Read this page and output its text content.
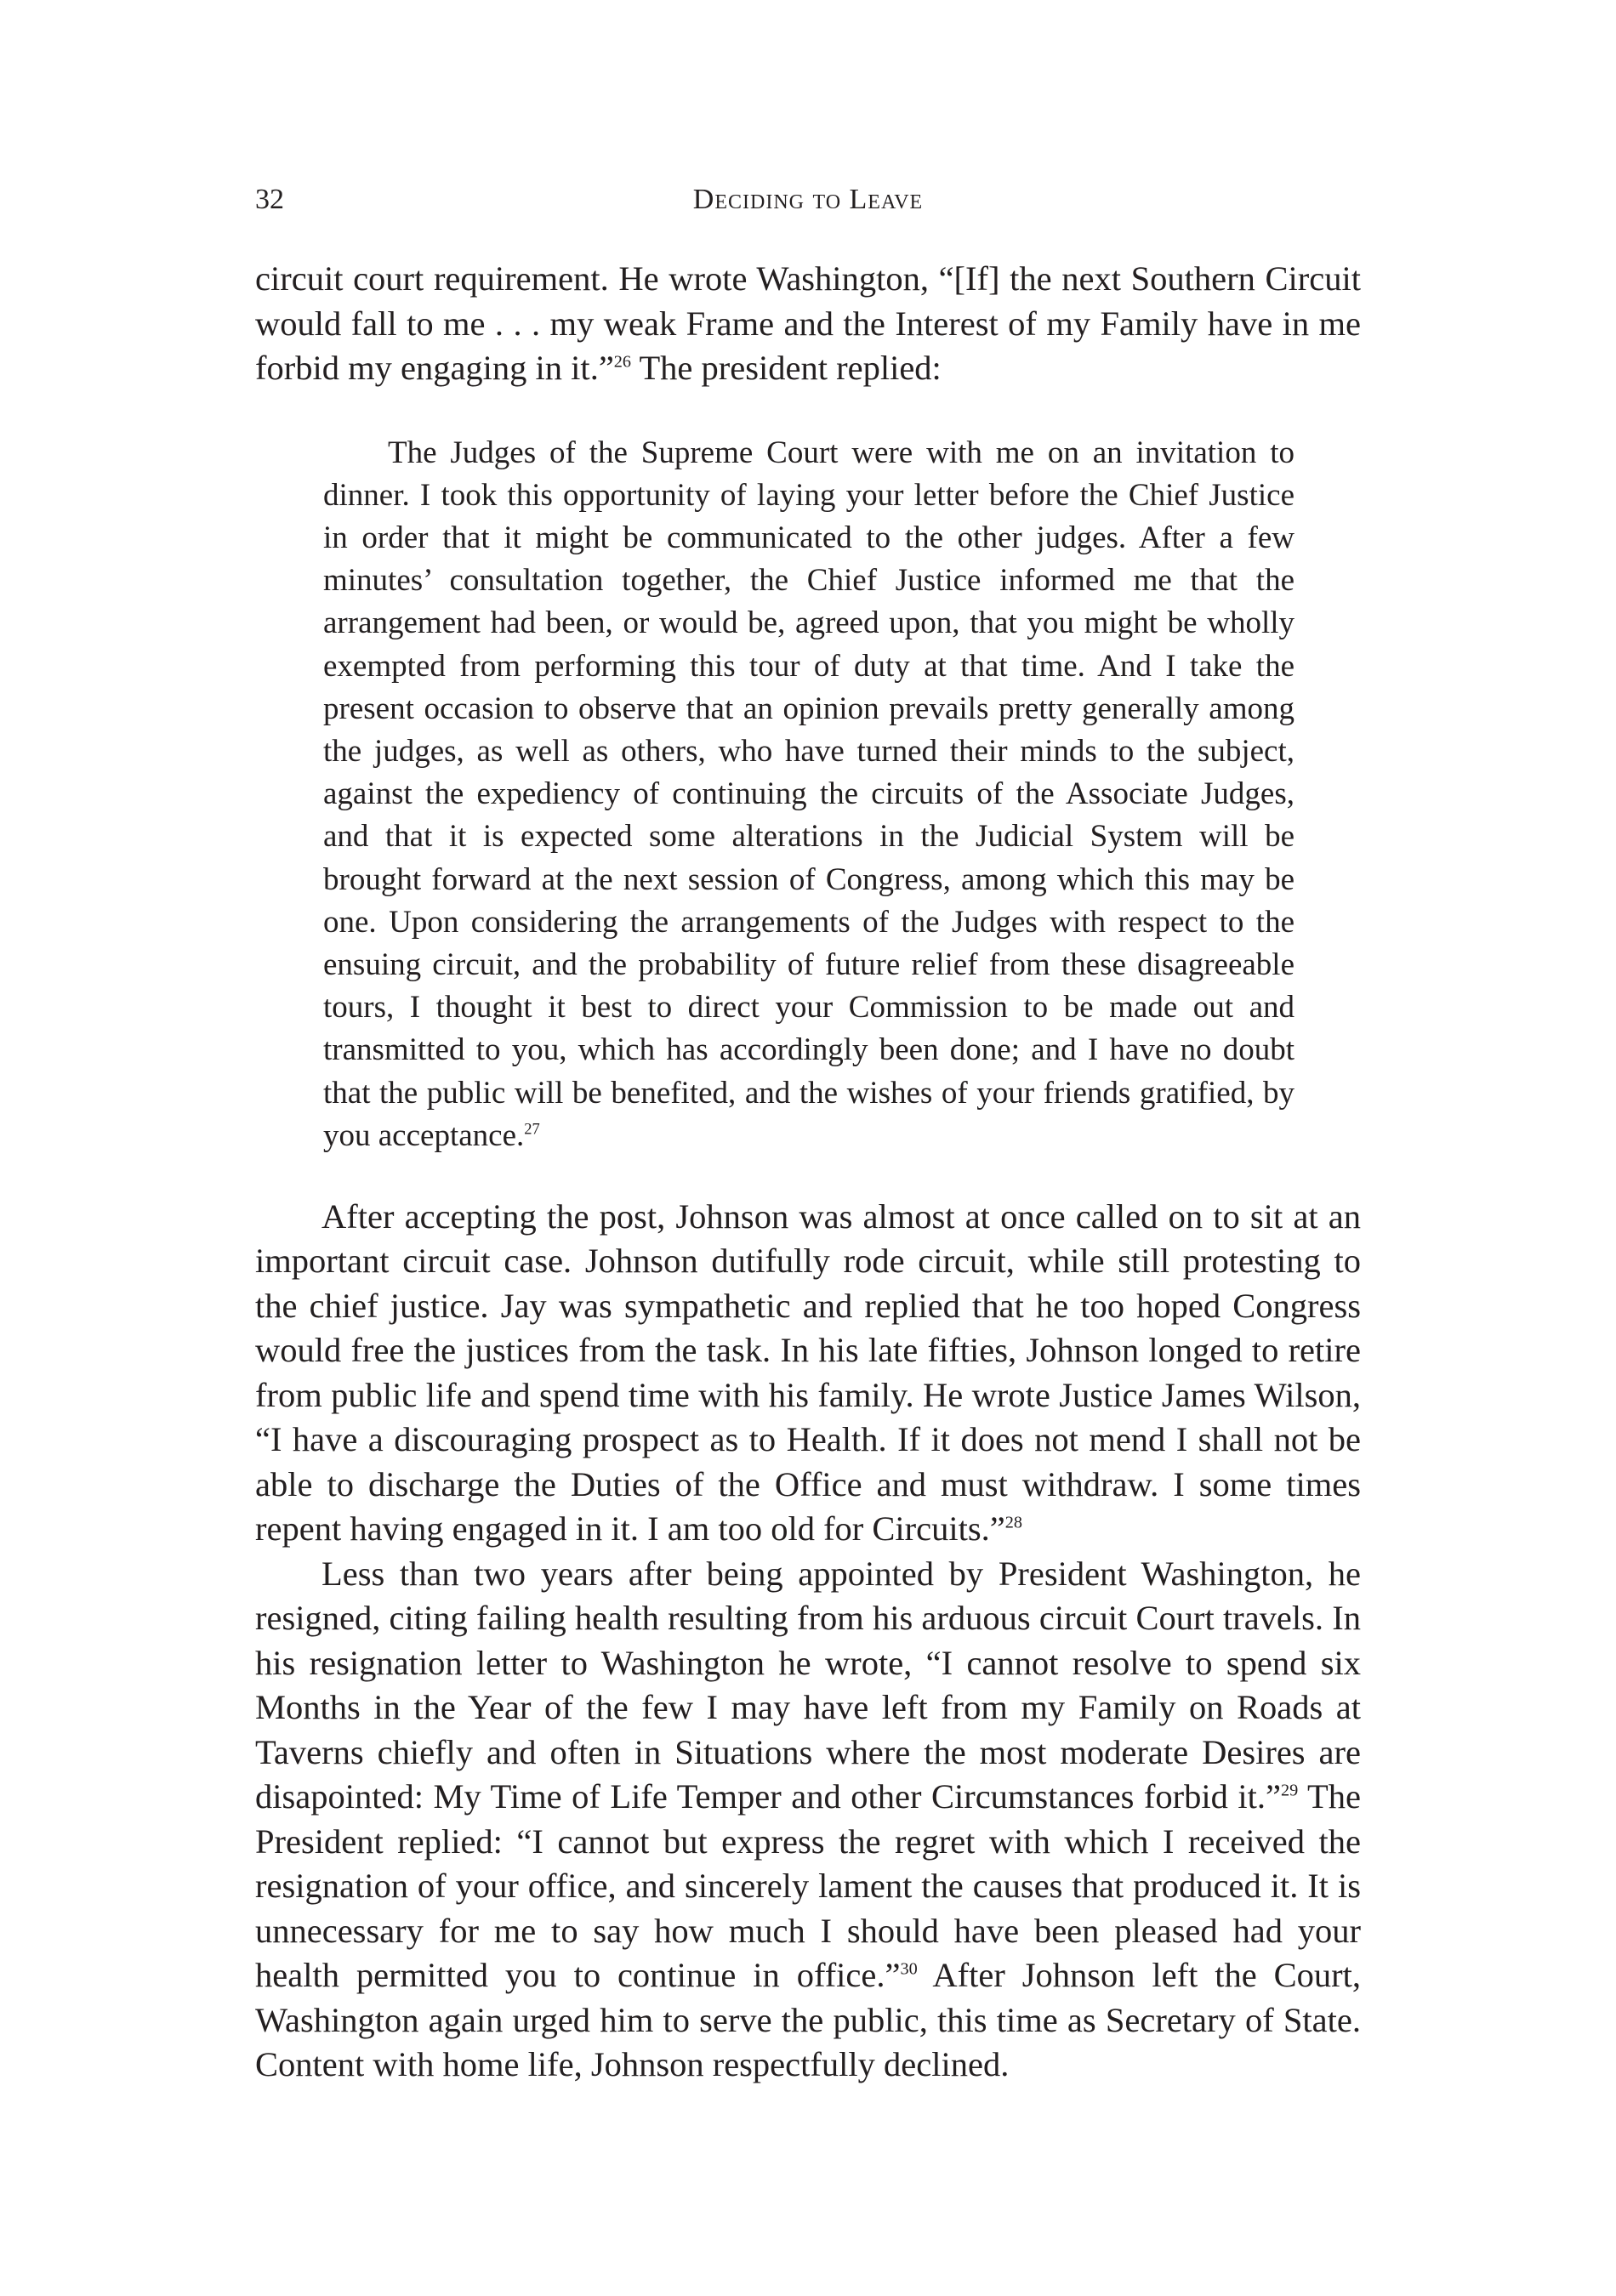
32	Deciding to Leave

circuit court requirement. He wrote Washington, “[If] the next Southern Circuit would fall to me . . . my weak Frame and the Interest of my Family have in me forbid my engaging in it.”$^{26}$ The president replied:

The Judges of the Supreme Court were with me on an invitation to dinner. I took this opportunity of laying your letter before the Chief Justice in order that it might be communicated to the other judges. After a few minutes’ consultation together, the Chief Justice informed me that the arrangement had been, or would be, agreed upon, that you might be wholly exempted from performing this tour of duty at that time. And I take the present occasion to observe that an opinion prevails pretty generally among the judges, as well as others, who have turned their minds to the subject, against the expediency of continuing the circuits of the Associate Judges, and that it is expected some alterations in the Judicial System will be brought forward at the next session of Congress, among which this may be one. Upon considering the arrangements of the Judges with respect to the ensuing circuit, and the probability of future relief from these disagreeable tours, I thought it best to direct your Commission to be made out and transmitted to you, which has accordingly been done; and I have no doubt that the public will be benefited, and the wishes of your friends gratified, by you acceptance.$^{27}$

After accepting the post, Johnson was almost at once called on to sit at an important circuit case. Johnson dutifully rode circuit, while still protesting to the chief justice. Jay was sympathetic and replied that he too hoped Congress would free the justices from the task. In his late fifties, Johnson longed to retire from public life and spend time with his family. He wrote Justice James Wilson, “I have a discouraging prospect as to Health. If it does not mend I shall not be able to discharge the Duties of the Office and must withdraw. I some times repent having engaged in it. I am too old for Circuits.”$^{28}$

Less than two years after being appointed by President Washington, he resigned, citing failing health resulting from his arduous circuit Court travels. In his resignation letter to Washington he wrote, “I cannot resolve to spend six Months in the Year of the few I may have left from my Family on Roads at Taverns chiefly and often in Situations where the most moderate Desires are disapointed: My Time of Life Temper and other Circumstances forbid it.”$^{29}$ The President replied: “I cannot but express the regret with which I received the resignation of your office, and sincerely lament the causes that produced it. It is unnecessary for me to say how much I should have been pleased had your health permitted you to continue in office.”$^{30}$ After Johnson left the Court, Washington again urged him to serve the public, this time as Secretary of State. Content with home life, Johnson respectfully declined.
